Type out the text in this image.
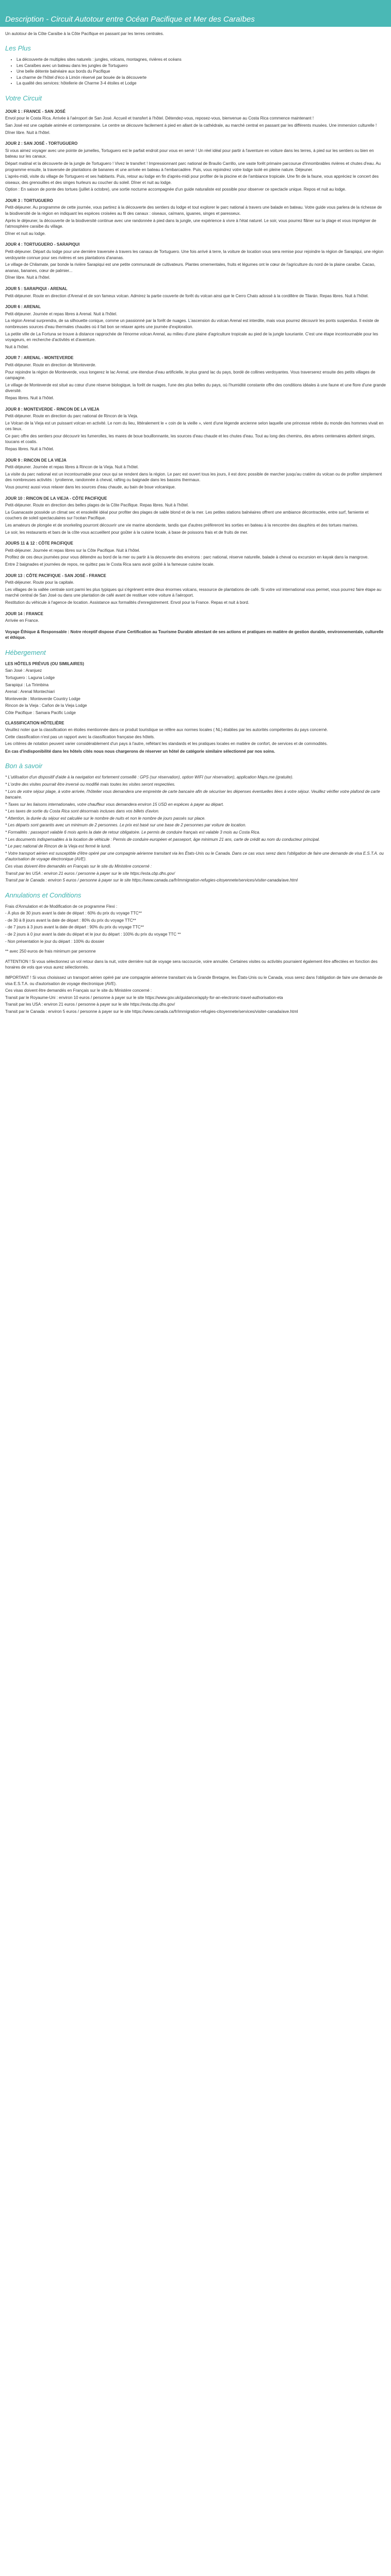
Description - Circuit Autotour entre Océan Pacifique et Mer des Caraïbes

Un autotour de la Côte Caraïbe à la Côte Pacifique en passant par les terres centrales.

Les Plus
• La découverte de multiples sites naturels : jungles, volcans, montagnes, rivières et océans
• Les Caraïbes avec un bateau dans les jungles de Tortuguero
• Une belle détente balnéaire aux bords du Pacifique
• La charme de l'hôtel d'éco à Limón réservé par bouée de la découverte
• La qualité des services: hôtellerie de Charme 3-4 étoiles et Lodge
Votre Circuit

JOUR 1 : FRANCE - SAN JOSÉ

Envol pour le Costa Rica. Arrivée à l'aéroport de San José. Accueil et transfert à l'hôtel. Détendez-vous, reposez-vous, bienvenue au Costa Rica commence maintenant !

San José est une capitale animée et contemporaine. Le centre se découvre facilement à pied en allant de la cathédrale, au marché central en passant par les différents musées. Une immersion culturelle !

Dîner libre. Nuit à l'hôtel.

JOUR 2 : SAN JOSÉ - TORTUGUERO

Si vous aimez voyager avec une pointe de jumelles, Tortuguero est le parfait endroit pour vous en servir ! Un réel idéal pour partir à l'aventure en voiture dans les terres, à pied sur les sentiers ou bien en bateau sur les canaux.

Départ matinal et la découverte de la jungle de Tortuguero ! Vivez le transfert ! Impressionnant parc national de Braulio Carrillo, une vaste forêt primaire parcourue d'innombrables rivières et chutes d'eau. Au programme ensuite, la traversée de plantations de bananes et une arrivée en bateau à l'embarcadère. Puis, vous rejoindrez votre lodge isolé en pleine nature. Déjeuner.

L'après-midi, visite du village de Tortuguero et ses habitants. Puis, retour au lodge en fin d'après-midi pour profiter de la piscine et de l'ambiance tropicale. Une fin de la faune, vous appréciez le concert des oiseaux, des grenouilles et des singes hurleurs au coucher du soleil. Dîner et nuit au lodge.

Option : En saison de ponte des tortues (juillet à octobre), une sortie nocturne accompagnée d'un guide naturaliste est possible pour observer ce spectacle unique. Repos et nuit au lodge.

JOUR 3 : TORTUGUERO

Petit-déjeuner. Au programme de cette journée, vous partirez à la découverte des sentiers du lodge et tout explorer le parc national à travers une balade en bateau. Votre guide vous parlera de la richesse de la biodiversité de la région en indiquant les espèces croisées au fil des canaux : oiseaux, caïmans, iguanes, singes et paresseux.

Après le déjeuner, la découverte de la biodiversité continue avec une randonnée à pied dans la jungle, une expérience à vivre à l'état naturel. Le soir, vous pourrez flâner sur la plage et vous imprégner de l'atmosphère caraïbe du village.

Dîner et nuit au lodge.

JOUR 4 : TORTUGUERO - SARAPIQUI

Petit-déjeuner. Départ du lodge pour une dernière traversée à travers les canaux de Tortuguero. Une fois arrivé à terre, la voiture de location vous sera remise pour rejoindre la région de Sarapiqui, une région verdoyante connue pour ses rivières et ses plantations d'ananas.

Le village de Chilamate, par bonde la rivière Sarapiqui est une petite communauté de cultivateurs. Plantes ornementales, fruits et légumes ont le cœur de l'agriculture du nord de la plaine caraïbe. Cacao, ananas, bananes, cœur de palmier...

Dîner libre. Nuit à l'hôtel.

JOUR 5 : SARAPIQUI - ARENAL

Petit-déjeuner. Route en direction d'Arenal et de son fameux volcan. Admirez la partie couverte de forêt du volcan ainsi que le Cerro Chato adossé à la cordillère de Tilarán. Repas libres. Nuit à l'hôtel.

JOUR 6 : ARENAL

Petit-déjeuner. Journée et repas libres à Arenal. Nuit à l'hôtel.

La région Arenal surprendra, de sa silhouette conique, comme un passionné par la forêt de nuages. L'ascension du volcan Arenal est interdite, mais vous pourrez découvrir les ponts suspendus. Il existe de nombreuses sources d'eau thermales chaudes où il fait bon se relaxer après une journée d'exploration.

La petite ville de La Fortuna se trouve à distance rapprochée de l'énorme volcan Arenal, au milieu d'une plaine d'agriculture tropicale au pied de la jungle luxuriante. C'est une étape incontournable pour les voyageurs, en recherche d'activités et d'aventure.

Nuit à l'hôtel.

JOUR 7 : ARENAL - MONTEVERDE

Petit-déjeuner. Route en direction de Monteverde.

Pour rejoindre la région de Monteverde, vous longerez le lac Arenal, une étendue d'eau artificielle, le plus grand lac du pays, bordé de collines verdoyantes. Vous traverserez ensuite des petits villages de campagne.

Le village de Monteverde est situé au cœur d'une réserve biologique, la forêt de nuages, l'une des plus belles du pays, où l'humidité constante offre des conditions idéales à une faune et une flore d'une grande diversité.

Repas libres. Nuit à l'hôtel.

JOUR 8 : MONTEVERDE - RINCON DE LA VIEJA

Petit-déjeuner. Route en direction du parc national de Rincon de la Vieja.

Le Volcan de la Vieja est un puissant volcan en activité. Le nom du lieu, littéralement le « coin de la vieille », vient d'une légende ancienne selon laquelle une princesse retirée du monde des hommes vivait en ces lieux.

Ce parc offre des sentiers pour découvrir les fumerolles, les mares de boue bouillonnante, les sources d'eau chaude et les chutes d'eau. Tout au long des chemins, des arbres centenaires abritent singes, toucans et coatis.

Repas libres. Nuit à l'hôtel.

JOUR 9 : RINCON DE LA VIEJA

Petit-déjeuner. Journée et repas libres à Rincon de la Vieja. Nuit à l'hôtel.

La visite du parc national est un incontournable pour ceux qui se rendent dans la région. Le parc est ouvert tous les jours, il est donc possible de marcher jusqu'au cratère du volcan ou de profiter simplement des nombreuses activités : tyrolienne, randonnée à cheval, rafting ou baignade dans les bassins thermaux.

Vous pourrez aussi vous relaxer dans les sources d'eau chaude, au bain de boue volcanique.

JOUR 10 : RINCON DE LA VIEJA - CÔTE PACIFIQUE

Petit-déjeuner. Route en direction des belles plages de la Côte Pacifique. Repas libres. Nuit à l'hôtel.

La Guanacaste possède un climat sec et ensoleillé idéal pour profiter des plages de sable blond et de la mer. Les petites stations balnéaires offrent une ambiance décontractée, entre surf, farniente et couchers de soleil spectaculaires sur l'océan Pacifique.

Les amateurs de plongée et de snorkeling pourront découvrir une vie marine abondante, tandis que d'autres préfèreront les sorties en bateau à la rencontre des dauphins et des tortues marines.

Le soir, les restaurants et bars de la côte vous accueillent pour goûter à la cuisine locale, à base de poissons frais et de fruits de mer.

JOURS 11 & 12 : CÔTE PACIFIQUE

Petit-déjeuner. Journée et repas libres sur la Côte Pacifique. Nuit à l'hôtel.

Profitez de ces deux journées pour vous détendre au bord de la mer ou partir à la découverte des environs : parc national, réserve naturelle, balade à cheval ou excursion en kayak dans la mangrove.

Entre 2 baignades et journées de repos, ne quittez pas le Costa Rica sans avoir goûté à la fameuse cuisine locale.

JOUR 13 : CÔTE PACIFIQUE - SAN JOSÉ - FRANCE

Petit-déjeuner. Route pour la capitale.

Les villages de la vallée centrale sont parmi les plus typiques qui s'égrènent entre deux énormes volcans, ressource de plantations de café. Si votre vol international vous permet, vous pourrez faire étape au marché central de San José ou dans une plantation de café avant de restituer votre voiture à l'aéroport.

Restitution du véhicule à l'agence de location. Assistance aux formalités d'enregistrement. Envol pour la France. Repas et nuit à bord.

JOUR 14 : FRANCE

Arrivée en France.

Voyage Éthique & Responsable : Notre réceptif dispose d'une Certification au Tourisme Durable attestant de ses actions et pratiques en matière de gestion durable, environnementale, culturelle et éthique.

Hébergement

LES HÔTELS PRÉVUS (OU SIMILAIRES)

San José : Aranjuez

Tortuguero : Laguna Lodge

Sarapiqui : La Tirimbina

Arenal : Arenal Montechiari

Monteverde : Monteverde Country Lodge

Rincon de la Vieja : Cañon de la Vieja Lodge

Côte Pacifique : Samara Pacific Lodge

CLASSIFICATION HÔTELIÈRE

Veuillez noter que la classification en étoiles mentionnée dans ce produit touristique se réfère aux normes locales ( NL) établies par les autorités compétentes du pays concerné.

Cette classification n'est pas un rapport avec la classification française des hôtels.

Les critères de notation peuvent varier considérablement d'un pays à l'autre, reflétant les standards et les pratiques locales en matière de confort, de services et de commodités.

En cas d'indisponibilité dans les hôtels cités nous nous chargerons de réserver un hôtel de catégorie similaire sélectionné par nos soins.

Bon à savoir

* L'utilisation d'un dispositif d'aide à la navigation est fortement conseillé : GPS (sur réservation), option WIFI (sur réservation), application Maps.me (gratuite).

* L'ordre des visites pourrait être inversé ou modifié mais toutes les visites seront respectées.

* Lors de votre séjour plage, à votre arrivée, l'hôtelier vous demandera une empreinte de carte bancaire afin de sécuriser les dépenses éventuelles liées à votre séjour. Veuillez vérifier votre plafond de carte bancaire.

* Taxes sur les liaisons internationales, votre chauffeur vous demandera environ 15 USD en espèces à payer au départ.

* Les taxes de sortie du Costa Rica sont désormais incluses dans vos billets d'avion.

* Attention, la durée du séjour est calculée sur le nombre de nuits et non le nombre de jours passés sur place.

* Les départs sont garantis avec un minimum de 2 personnes. Le prix est basé sur une base de 2 personnes par voiture de location.

* Formalités : passeport valable 6 mois après la date de retour obligatoire. Le permis de conduire français est valable 3 mois au Costa Rica.

* Les documents indispensables à la location de véhicule : Permis de conduire européen et passeport, âge minimum 21 ans, carte de crédit au nom du conducteur principal.

* Le parc national de Rincon de la Vieja est fermé le lundi.

* Votre transport aérien est susceptible d'être opéré par une compagnie aérienne transitant via les États-Unis ou le Canada. Dans ce cas vous serez dans l'obligation de faire une demande de visa E.S.T.A. ou d'autorisation de voyage électronique (AVE).

Ces visas doivent être demandés en Français sur le site du Ministère concerné :

Transit par les USA : environ 21 euros / personne à payer sur le site https://esta.cbp.dhs.gov/

Transit par le Canada : environ 5 euros / personne à payer sur le site https://www.canada.ca/fr/immigration-refugies-citoyennete/services/visiter-canada/ave.html

Annulations et Conditions

Frais d'Annulation et de Modification de ce programme Flexi :

- À plus de 30 jours avant la date de départ : 60% du prix du voyage TTC**

- de 30 à 8 jours avant la date de départ : 80% du prix du voyage TTC**

- de 7 jours à 3 jours avant la date de départ : 90% du prix du voyage TTC**

- de 2 jours à 0 jour avant la date du départ et le jour du départ : 100% du prix du voyage TTC **

- Non présentation le jour du départ : 100% du dossier

** avec 250 euros de frais minimum par personne

ATTENTION ! Si vous sélectionnez un vol retour dans la nuit, votre dernière nuit de voyage sera raccourcie, voire annulée. Certaines visites ou activités pourraient également être affectées en fonction des horaires de vols que vous aurez sélectionnés.

IMPORTANT ! Si vous choisissez un transport aérien opéré par une compagnie aérienne transitant via la Grande Bretagne, les États-Unis ou le Canada, vous serez dans l'obligation de faire une demande de visa E.S.T.A. ou d'autorisation de voyage électronique (AVE).

Ces visas doivent être demandés en Français sur le site du Ministère concerné :

Transit par le Royaume-Uni : environ 10 euros / personne à payer sur le site https://www.gov.uk/guidance/apply-for-an-electronic-travel-authorisation-eta

Transit par les USA : environ 21 euros / personne à payer sur le site https://esta.cbp.dhs.gov/

Transit par le Canada : environ 5 euros / personne à payer sur le site https://www.canada.ca/fr/immigration-refugies-citoyennete/services/visiter-canada/ave.html
